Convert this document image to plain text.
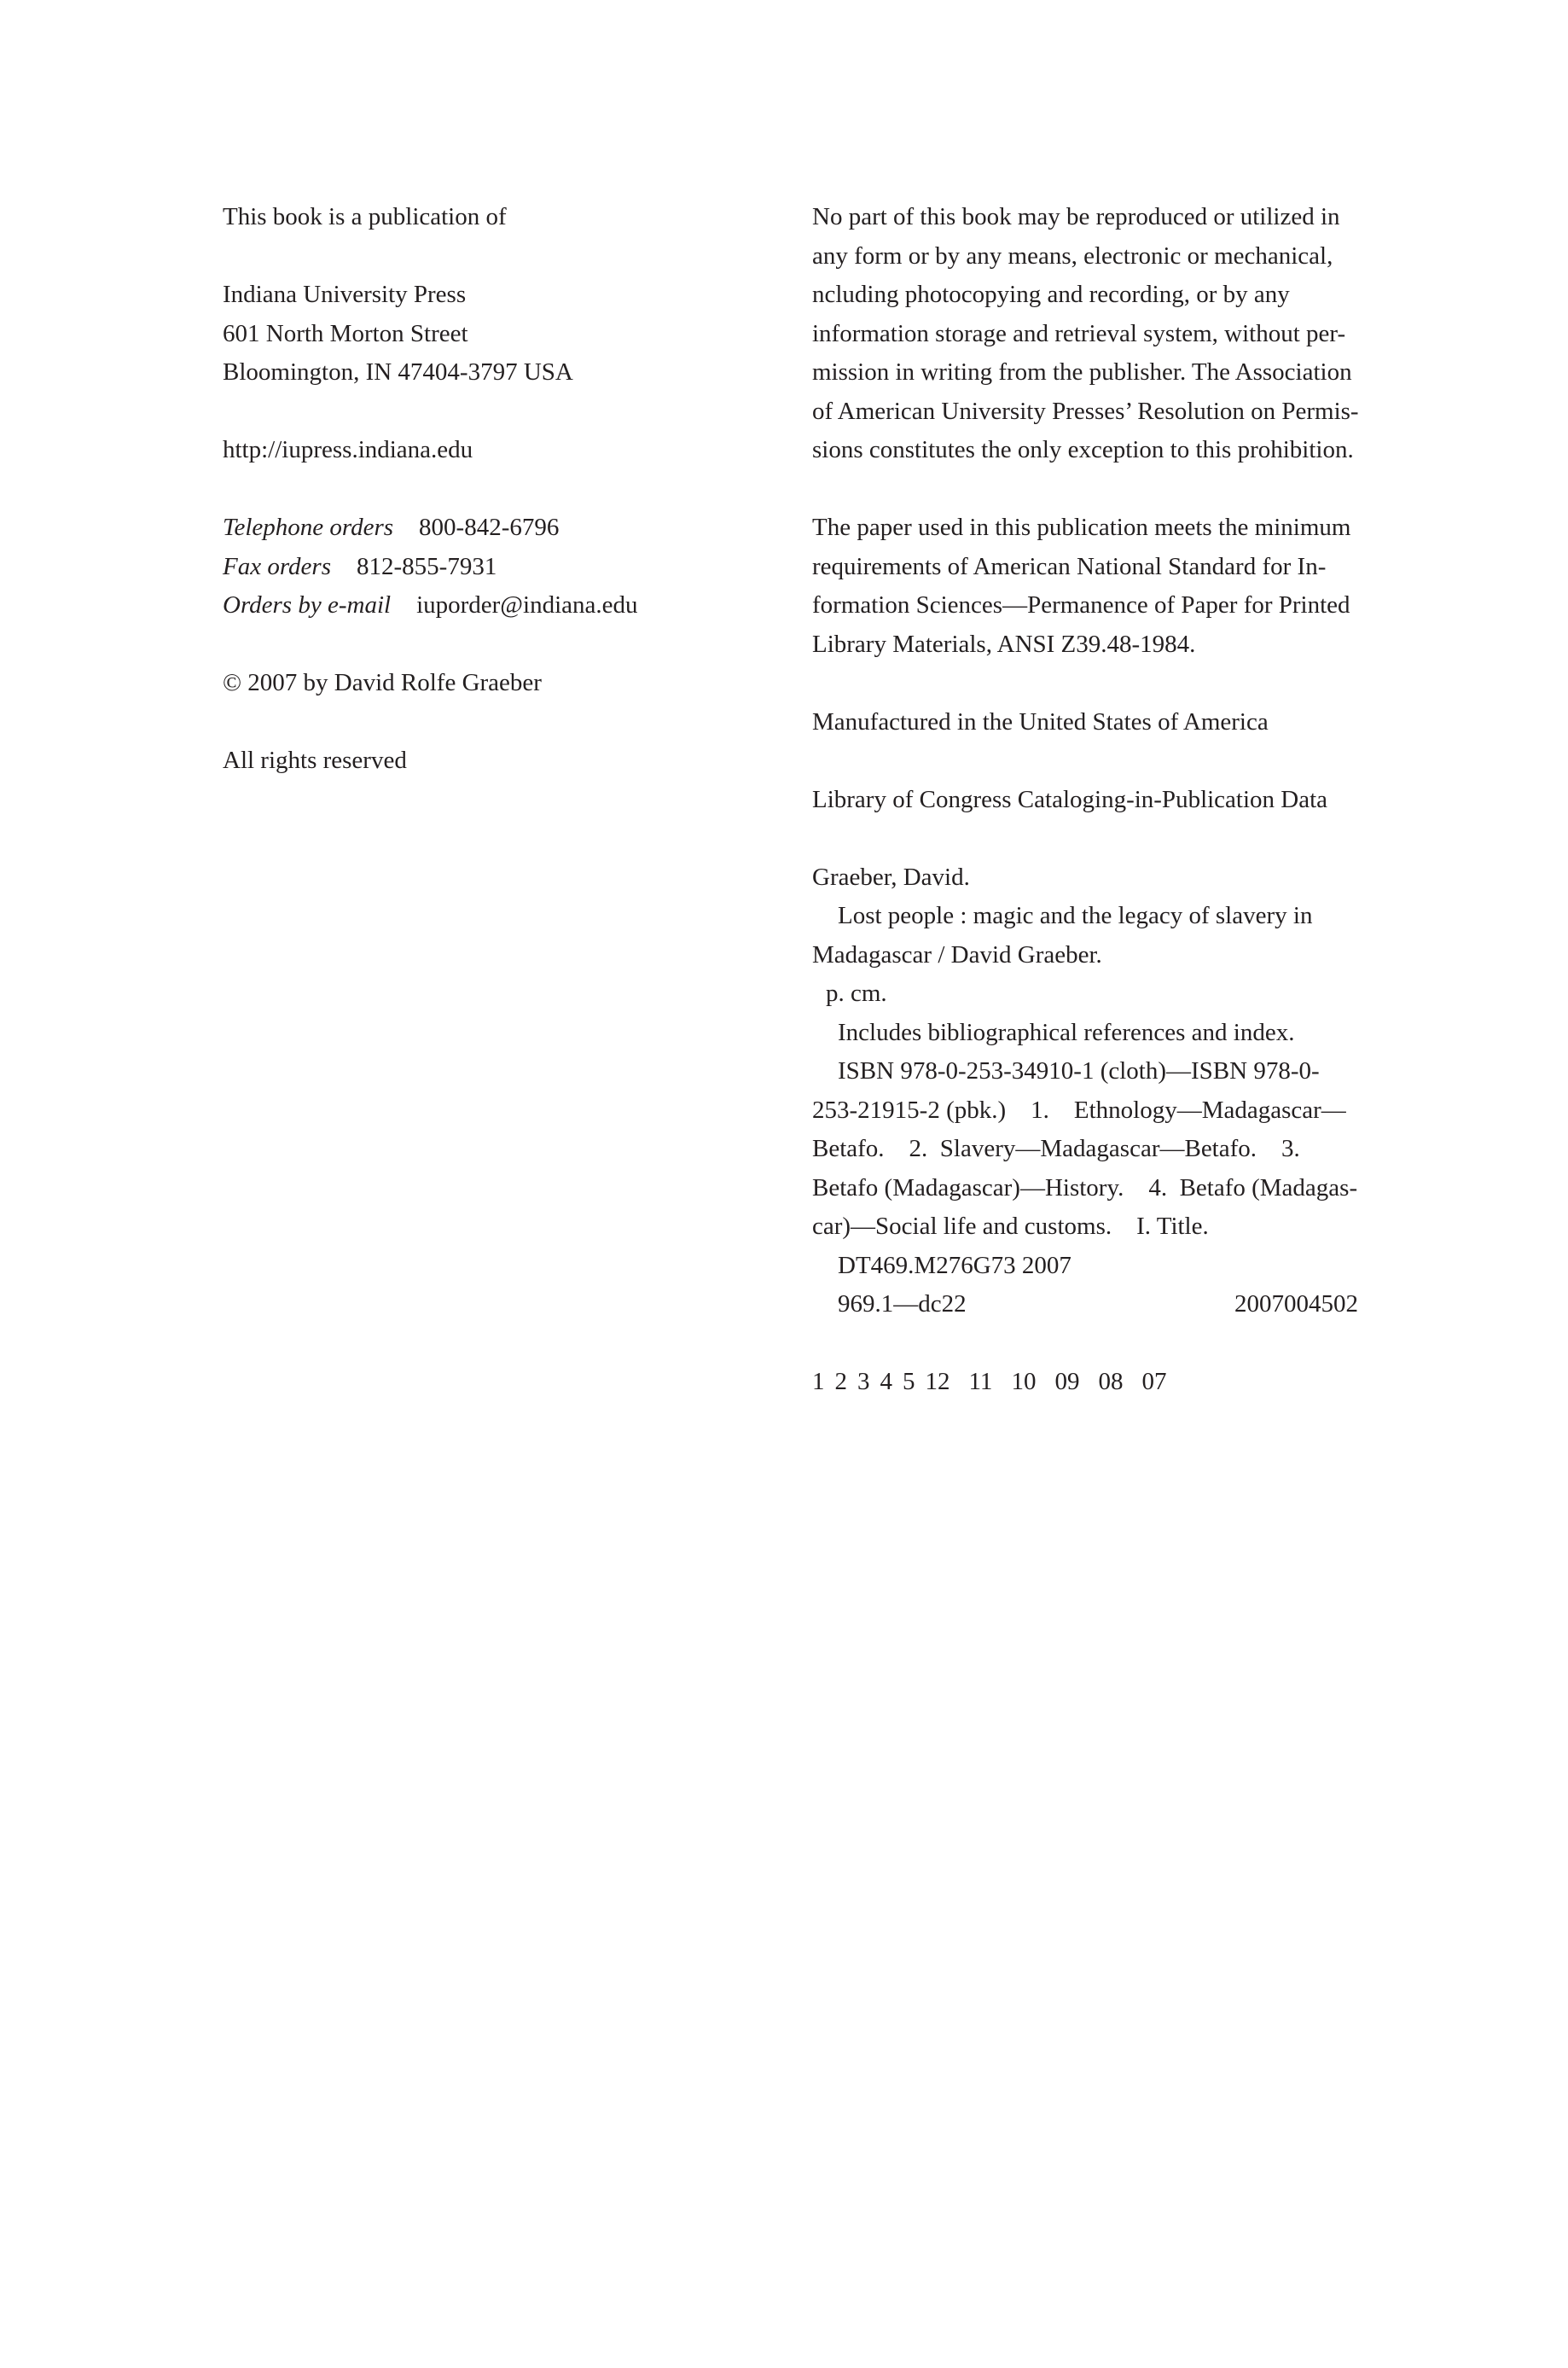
This book is a publication of
Indiana University Press
601 North Morton Street
Bloomington, IN 47404-3797 USA
http://iupress.indiana.edu
Telephone orders 800-842-6796
Fax orders 812-855-7931
Orders by e-mail iuporder@indiana.edu
© 2007 by David Rolfe Graeber
All rights reserved
No part of this book may be reproduced or utilized in
any form or by any means, electronic or mechanical,
ncluding photocopying and recording, or by any
information storage and retrieval system, without per-
mission in writing from the publisher. The Association
of American University Presses’ Resolution on Permis-
sions constitutes the only exception to this prohibition.
The paper used in this publication meets the minimum
requirements of American National Standard for In-
formation Sciences—Permanence of Paper for Printed
Library Materials, ANSI Z39.48-1984.
Manufactured in the United States of America
Library of Congress Cataloging-in-Publication Data
Graeber, David.
Lost people : magic and the legacy of slavery in
Madagascar / David Graeber.
p. cm.
Includes bibliographical references and index.
ISBN 978-0-253-34910-1 (cloth)—ISBN 978-0-
253-21915-2 (pbk.)    1.    Ethnology—Madagascar—
Betafo.    2.  Slavery—Madagascar—Betafo.    3.
Betafo (Madagascar)—History.    4.  Betafo (Madagas-
car)—Social life and customs.    I. Title.
DT469.M276G73 2007
969.1—dc22	2007004502
1 2 3 4 5 12 11 10 09 08 07
